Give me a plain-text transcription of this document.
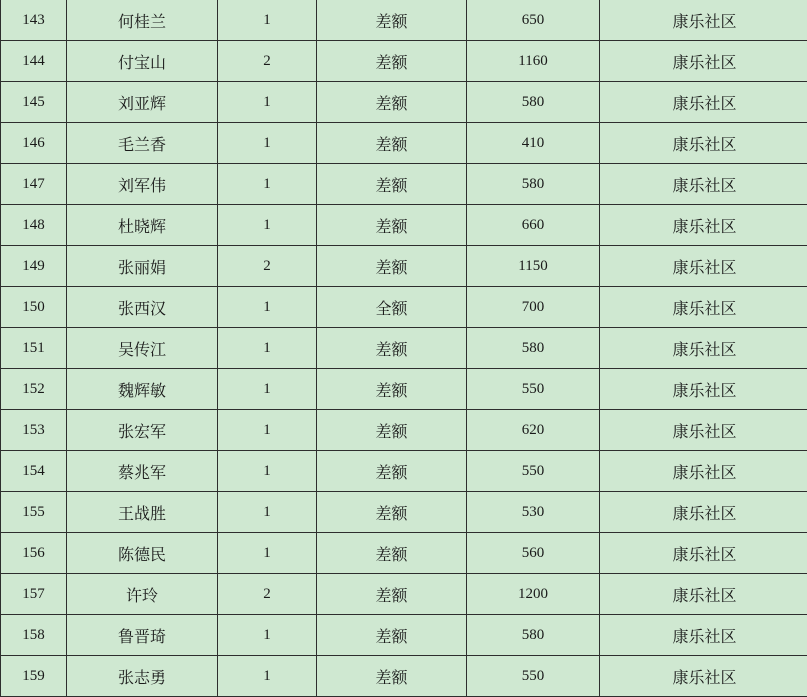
143	何桂兰	1	差额	650	康乐社区
144	付宝山	2	差额	1160	康乐社区
145	刘亚辉	1	差额	580	康乐社区
146	毛兰香	1	差额	410	康乐社区
147	刘军伟	1	差额	580	康乐社区
148	杜晓辉	1	差额	660	康乐社区
149	张丽娟	2	差额	1150	康乐社区
150	张西汉	1	全额	700	康乐社区
151	吴传江	1	差额	580	康乐社区
152	魏辉敏	1	差额	550	康乐社区
153	张宏军	1	差额	620	康乐社区
154	蔡兆军	1	差额	550	康乐社区
155	王战胜	1	差额	530	康乐社区
156	陈德民	1	差额	560	康乐社区
157	许玲	2	差额	1200	康乐社区
158	鲁晋琦	1	差额	580	康乐社区
159	张志勇	1	差额	550	康乐社区
